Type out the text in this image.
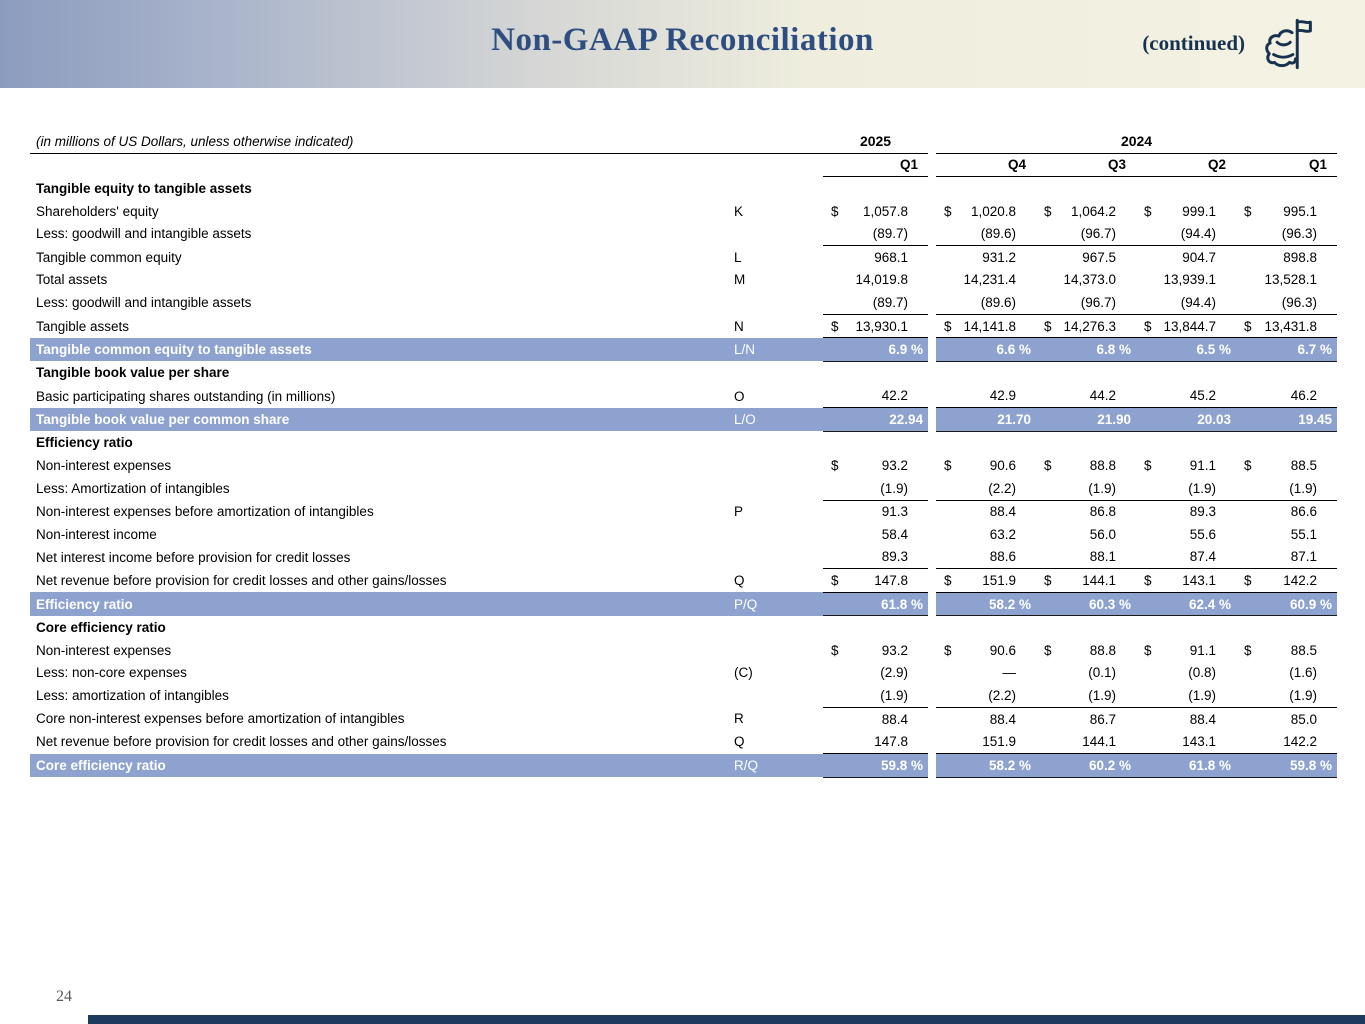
Non-GAAP Reconciliation	(continued)
(in millions of US Dollars, unless otherwise indicated)		2025			2024							
		Q1			Q4		Q3		Q2		Q1	
Tangible equity to tangible assets												
Shareholders' equity	K	$	1,057.8		$	1,020.8	$	1,064.2	$	999.1	$	995.1
Less: goodwill and intangible assets			(89.7)			(89.6)		(96.7)		(94.4)		(96.3)
Tangible common equity	L		968.1			931.2		967.5		904.7		898.8
Total assets	M		14,019.8			14,231.4		14,373.0		13,939.1		13,528.1
Less: goodwill and intangible assets			(89.7)			(89.6)		(96.7)		(94.4)		(96.3)
Tangible assets	N	$	13,930.1		$	14,141.8	$	14,276.3	$	13,844.7	$	13,431.8
Tangible common equity to tangible assets	L/N		6.9 %			6.6 %		6.8 %		6.5 %		6.7 %
Tangible book value per share												
Basic participating shares outstanding (in millions)	O		42.2			42.9		44.2		45.2		46.2
Tangible book value per common share	L/O		22.94			21.70		21.90		20.03		19.45
Efficiency ratio												
Non-interest expenses		$	93.2		$	90.6	$	88.8	$	91.1	$	88.5
Less: Amortization of intangibles			(1.9)			(2.2)		(1.9)		(1.9)		(1.9)
Non-interest expenses before amortization of intangibles	P		91.3			88.4		86.8		89.3		86.6
Non-interest income			58.4			63.2		56.0		55.6		55.1
Net interest income before provision for credit losses			89.3			88.6		88.1		87.4		87.1
Net revenue before provision for credit losses and other gains/losses	Q	$	147.8		$	151.9	$	144.1	$	143.1	$	142.2
Efficiency ratio	P/Q		61.8 %			58.2 %		60.3 %		62.4 %		60.9 %
Core efficiency ratio												
Non-interest expenses		$	93.2		$	90.6	$	88.8	$	91.1	$	88.5
Less: non-core expenses	(C)		(2.9)			—		(0.1)		(0.8)		(1.6)
Less: amortization of intangibles			(1.9)			(2.2)		(1.9)		(1.9)		(1.9)
Core non-interest expenses before amortization of intangibles	R		88.4			88.4		86.7		88.4		85.0
Net revenue before provision for credit losses and other gains/losses	Q		147.8			151.9		144.1		143.1		142.2
Core efficiency ratio	R/Q		59.8 %			58.2 %		60.2 %		61.8 %		59.8 %
24
